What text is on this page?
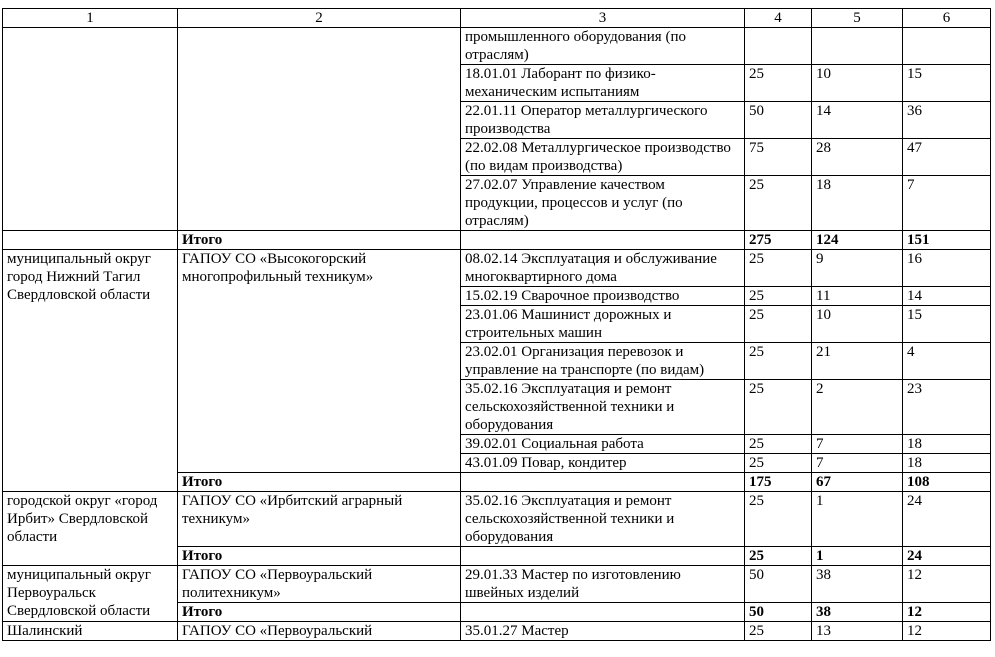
1	2	3	4	5	6
		промышленного оборудования (по отраслям)			
		18.01.01 Лаборант по физико-механическим испытаниям	25	10	15
		22.01.11 Оператор металлургического производства	50	14	36
		22.02.08 Металлургическое производство (по видам производства)	75	28	47
		27.02.07 Управление качеством продукции, процессов и услуг (по отраслям)	25	18	7
	Итого		275	124	151
муниципальный округ город Нижний Тагил Свердловской области	ГАПОУ СО «Высокогорский многопрофильный техникум»	08.02.14 Эксплуатация и обслуживание многоквартирного дома	25	9	16
		15.02.19 Сварочное производство	25	11	14
		23.01.06 Машинист дорожных и строительных машин	25	10	15
		23.02.01 Организация перевозок и управление на транспорте (по видам)	25	21	4
		35.02.16 Эксплуатация и ремонт сельскохозяйственной техники и оборудования	25	2	23
		39.02.01 Социальная работа	25	7	18
		43.01.09 Повар, кондитер	25	7	18
	Итого		175	67	108
городской округ «город Ирбит» Свердловской области	ГАПОУ СО «Ирбитский аграрный техникум»	35.02.16 Эксплуатация и ремонт сельскохозяйственной техники и оборудования	25	1	24
	Итого		25	1	24
муниципальный округ Первоуральск Свердловской области	ГАПОУ СО «Первоуральский политехникум»	29.01.33 Мастер по изготовлению швейных изделий	50	38	12
	Итого		50	38	12
Шалинский	ГАПОУ СО «Первоуральский	35.01.27 Мастер	25	13	12
